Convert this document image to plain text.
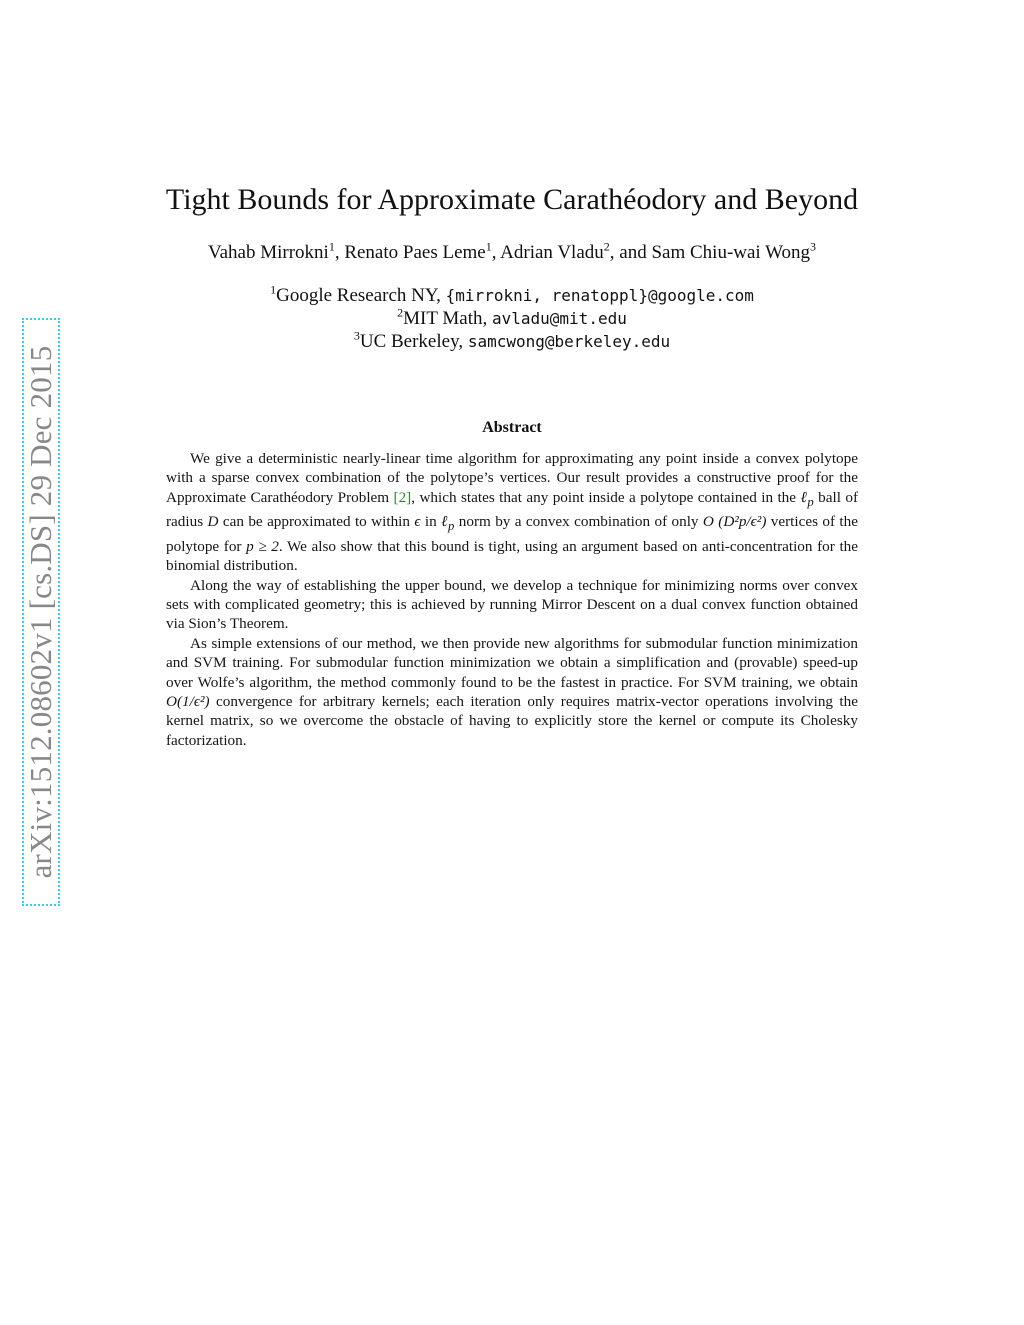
arXiv:1512.08602v1 [cs.DS] 29 Dec 2015
Tight Bounds for Approximate Carathéodory and Beyond
Vahab Mirrokni$^1$, Renato Paes Leme$^1$, Adrian Vladu$^2$, and Sam Chiu-wai Wong$^3$
$^1$Google Research NY, {mirrokni, renatoppl}@google.com
$^2$MIT Math, avladu@mit.edu
$^3$UC Berkeley, samcwong@berkeley.edu
Abstract

We give a deterministic nearly-linear time algorithm for approximating any point inside a convex polytope with a sparse convex combination of the polytope’s vertices. Our result provides a constructive proof for the Approximate Carathéodory Problem [2], which states that any point inside a polytope contained in the ℓ$_p$ ball of radius D can be approximated to within ϵ in ℓ$_p$ norm by a convex combination of only O (D²p/ϵ²) vertices of the polytope for p ≥ 2. We also show that this bound is tight, using an argument based on anti-concentration for the binomial distribution.

Along the way of establishing the upper bound, we develop a technique for minimizing norms over convex sets with complicated geometry; this is achieved by running Mirror Descent on a dual convex function obtained via Sion’s Theorem.

As simple extensions of our method, we then provide new algorithms for submodular function minimization and SVM training. For submodular function minimization we obtain a simplification and (provable) speed-up over Wolfe’s algorithm, the method commonly found to be the fastest in practice. For SVM training, we obtain O(1/ϵ²) convergence for arbitrary kernels; each iteration only requires matrix-vector operations involving the kernel matrix, so we overcome the obstacle of having to explicitly store the kernel or compute its Cholesky factorization.
